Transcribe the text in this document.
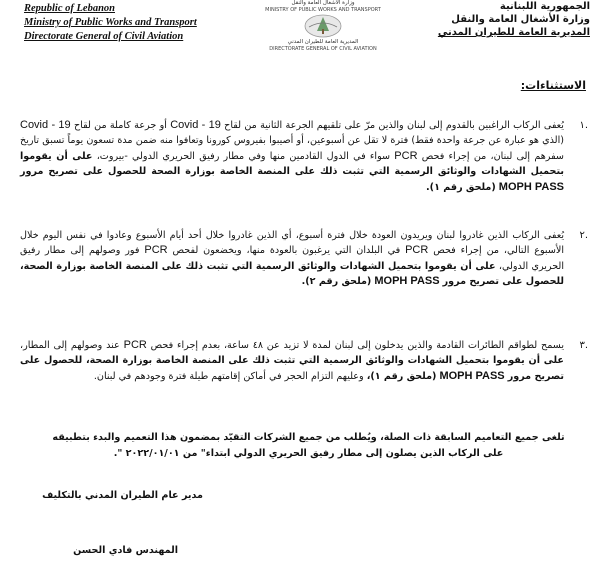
Republic of Lebanon
Ministry of Public Works and Transport
Directorate General of Civil Aviation
وزارة الأشغال العامة والنقل
MINISTRY OF PUBLIC WORKS AND TRANSPORT
المديرية العامة للطيران المدني
DIRECTORATE GENERAL OF CIVIL AVIATION
الجمهورية اللبنانية
وزارة الأشغال العامة والنقل
المديرية العامة للطيران المدني
الاستثناءات:
.١
يُعفى الركاب الراغبين بالقدوم إلى لبنان والذين مرّ على تلقيهم الجرعة الثانية من لقاح Covid - 19 أو جرعة كاملة من لقاح Covid - 19 (الذي هو عبارة عن جرعة واحدة فقط) فترة لا تقل عن أسبوعين، أو أصيبوا بفيروس كورونا وتعافوا منه ضمن مدة تسعون يوماً تسبق تاريخ سفرهم إلى لبنان، من إجراء فحص PCR سواء في الدول القادمين منها وفي مطار رفيق الحريري الدولي -بيروت، على أن يقوموا بتحميل الشهادات والوثائق الرسمية التي تثبت ذلك على المنصة الخاصة بوزارة الصحة للحصول على تصريح مرور MOPH PASS (ملحق رقم ١).
.٢
يُعفى الركاب الذين غادروا لبنان ويريدون العودة خلال فترة أسبوع، أي الذين غادروا خلال أحد أيام الأسبوع وعادوا في نفس اليوم خلال الأسبوع التالي، من إجراء فحص PCR في البلدان التي يرغبون بالعودة منها، ويخضعون لفحص PCR فور وصولهم إلى مطار رفيق الحريري الدولي، على أن يقوموا بتحميل الشهادات والوثائق الرسمية التي تثبت ذلك على المنصة الخاصة بوزارة الصحة، للحصول على تصريح مرور MOPH PASS (ملحق رقم ٢).
.٣
يسمح لطواقم الطائرات القادمة والذين يدخلون إلى لبنان لمدة لا تزيد عن ٤٨ ساعة، بعدم إجراء فحص PCR عند وصولهم إلى المطار، على أن يقوموا بتحميل الشهادات والوثائق الرسمية التي تثبت ذلك على المنصة الخاصة بوزارة الصحة، للحصول على تصريح مرور MOPH PASS (ملحق رقم ١)، وعليهم التزام الحجر في أماكن إقامتهم طيلة فترة وجودهم في لبنان.
تلغى جميع التعاميم السابقة ذات الصلة، ويُطلب من جميع الشركات التقيّد بمضمون هذا التعميم والبدء بتطبيقه
على الركاب الذين يصلون إلى مطار رفيق الحريري الدولي ابتداء" من ٢٠٢٢/٠١/٠١ ".
مدير عام الطيران المدني بالتكليف
المهندس فادي الحسن
